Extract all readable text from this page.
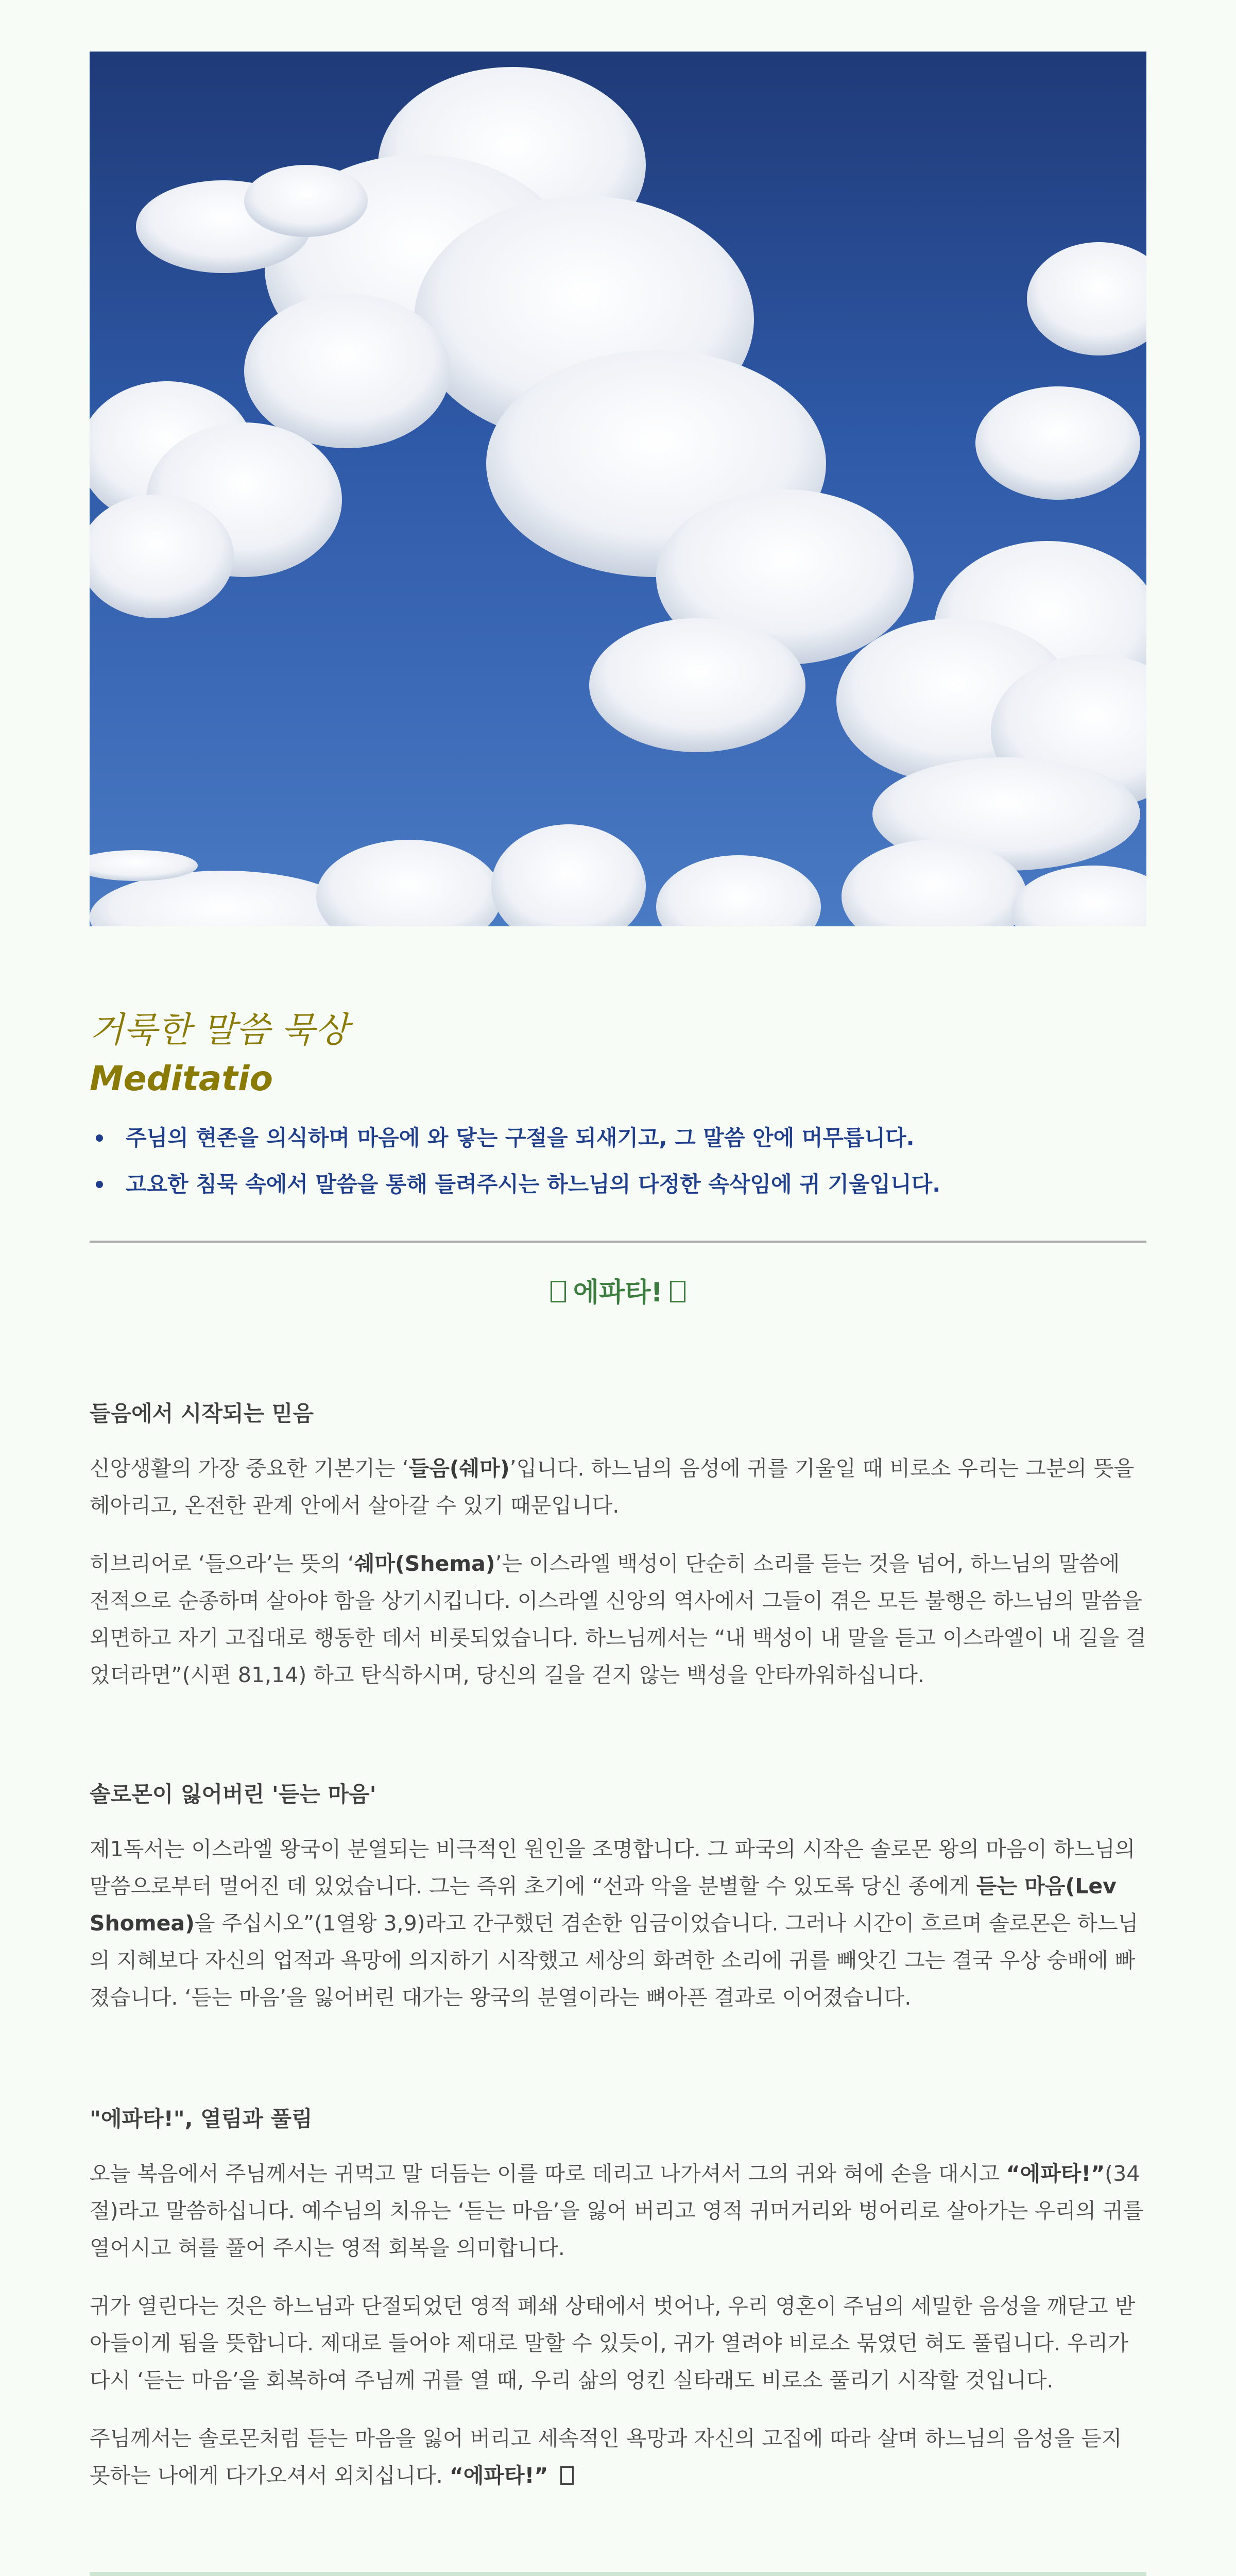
거룩한 말씀 묵상
Meditatio
주님의 현존을 의식하며 마음에 와 닿는 구절을 되새기고, 그 말씀 안에 머무릅니다.
고요한 침묵 속에서 말씀을 통해 들려주시는 하느님의 다정한 속삭임에 귀 기울입니다.
에파타!
들음에서 시작되는 믿음

신앙생활의 가장 중요한 기본기는 ‘들음(쉐마)’입니다. 하느님의 음성에 귀를 기울일 때 비로소 우리는 그분의 뜻을 헤아리고, 온전한 관계 안에서 살아갈 수 있기 때문입니다.

히브리어로 ‘들으라’는 뜻의 ‘쉐마(Shema)’는 이스라엘 백성이 단순히 소리를 듣는 것을 넘어, 하느님의 말씀에 전적으로 순종하며 살아야 함을 상기시킵니다. 이스라엘 신앙의 역사에서 그들이 겪은 모든 불행은 하느님의 말씀을 외면하고 자기 고집대로 행동한 데서 비롯되었습니다. 하느님께서는 “내 백성이 내 말을 듣고 이스라엘이 내 길을 걸었더라면”(시편 81,14) 하고 탄식하시며, 당신의 길을 걷지 않는 백성을 안타까워하십니다.

솔로몬이 잃어버린 '듣는 마음'

제1독서는 이스라엘 왕국이 분열되는 비극적인 원인을 조명합니다. 그 파국의 시작은 솔로몬 왕의 마음이 하느님의 말씀으로부터 멀어진 데 있었습니다. 그는 즉위 초기에 “선과 악을 분별할 수 있도록 당신 종에게 듣는 마음(Lev Shomea)을 주십시오”(1열왕 3,9)라고 간구했던 겸손한 임금이었습니다. 그러나 시간이 흐르며 솔로몬은 하느님의 지혜보다 자신의 업적과 욕망에 의지하기 시작했고 세상의 화려한 소리에 귀를 빼앗긴 그는 결국 우상 숭배에 빠졌습니다. ‘듣는 마음’을 잃어버린 대가는 왕국의 분열이라는 뼈아픈 결과로 이어졌습니다.

"에파타!", 열림과 풀림

오늘 복음에서 주님께서는 귀먹고 말 더듬는 이를 따로 데리고 나가셔서 그의 귀와 혀에 손을 대시고 “에파타!”(34절)라고 말씀하십니다. 예수님의 치유는 ‘듣는 마음’을 잃어 버리고 영적 귀머거리와 벙어리로 살아가는 우리의 귀를 열어시고 혀를 풀어 주시는 영적 회복을 의미합니다.

귀가 열린다는 것은 하느님과 단절되었던 영적 폐쇄 상태에서 벗어나, 우리 영혼이 주님의 세밀한 음성을 깨닫고 받아들이게 됨을 뜻합니다. 제대로 들어야 제대로 말할 수 있듯이, 귀가 열려야 비로소 묶였던 혀도 풀립니다. 우리가 다시 ‘듣는 마음’을 회복하여 주님께 귀를 열 때, 우리 삶의 엉킨 실타래도 비로소 풀리기 시작할 것입니다.

주님께서는 솔로몬처럼 듣는 마음을 잃어 버리고 세속적인 욕망과 자신의 고집에 따라 살며 하느님의 음성을 듣지 못하는 나에게 다가오셔서 외치십니다. “에파타!”
